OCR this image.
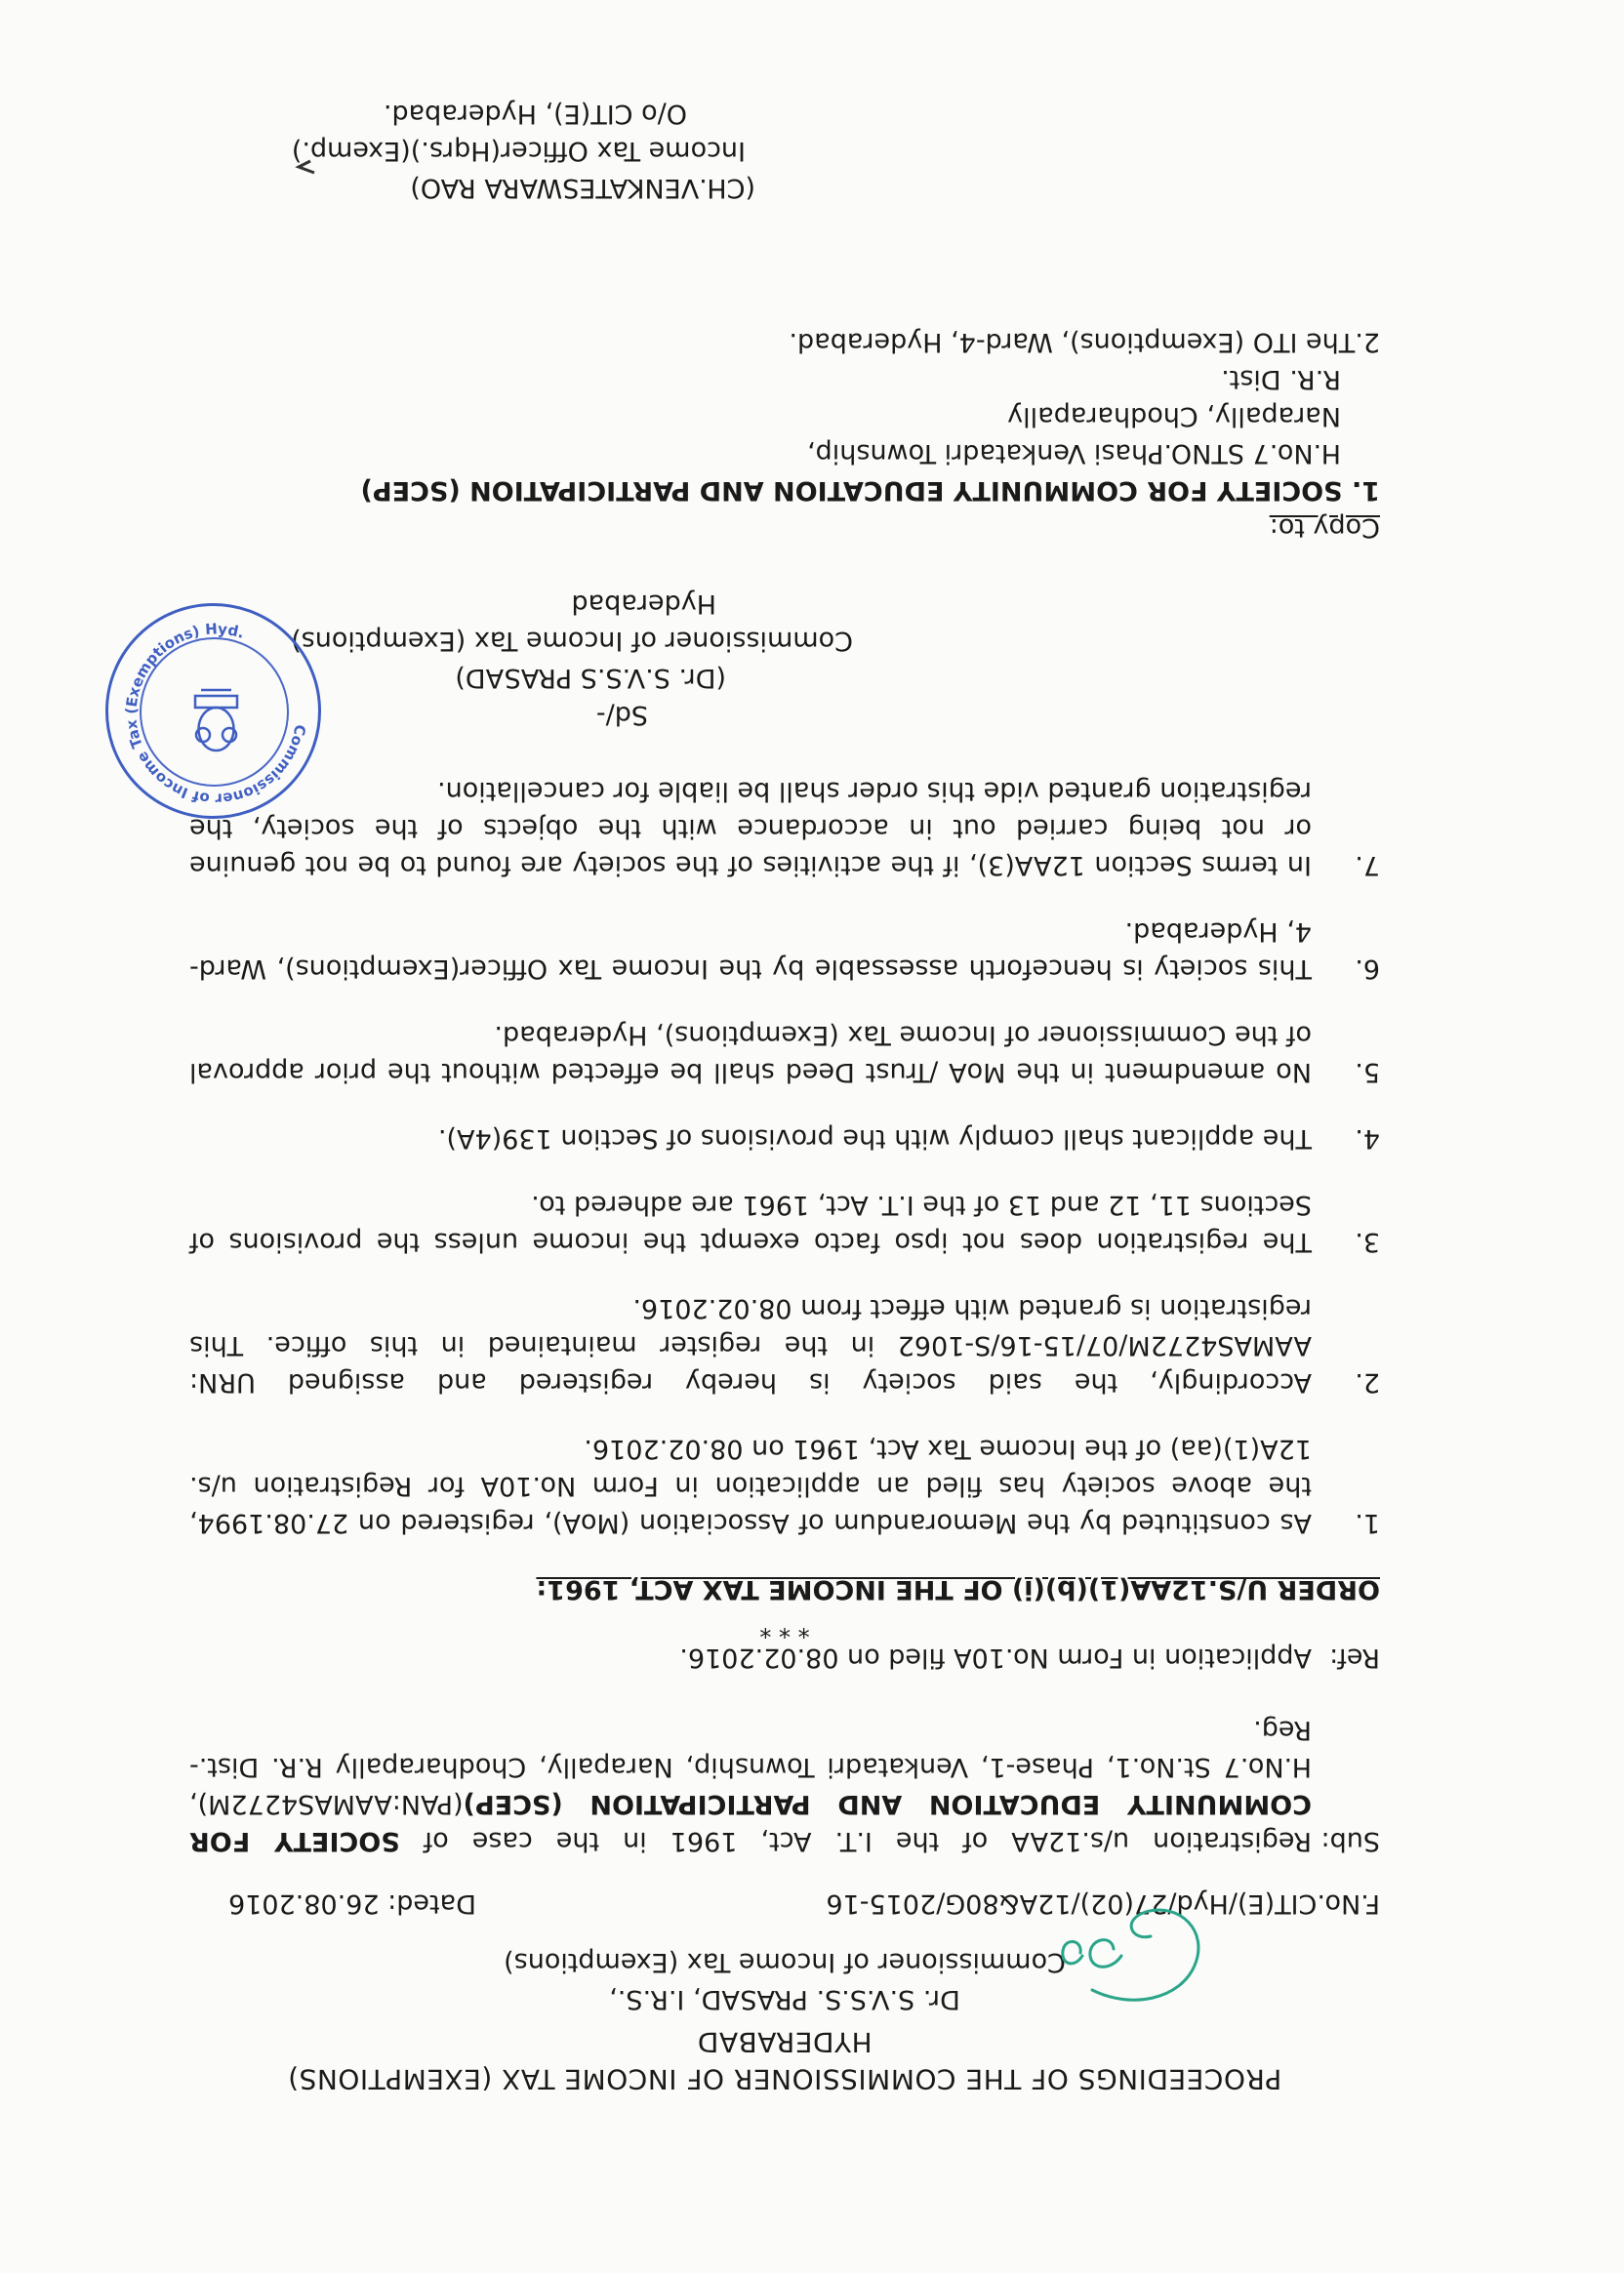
PROCEEDINGS OF THE COMMISSIONER OF INCOME TAX (EXEMPTIONS)
HYDERABAD
Dr. S.V.S.S. PRASAD, I.R.S.,
Commissioner of Income Tax (Exemptions)
F.No.CIT(E)/Hyd/27(02)/12A&80G/2015-16
Dated: 26.08.2016
Sub:
Registration u/s.12AA of the I.T. Act, 1961 in the case of SOCIETY FOR COMMUNITY EDUCATION AND PARTICIPATION (SCEP)(PAN:AAMAS4272M), H.No.7 St.No.1, Phase-1, Venkatadri Township, Narapally, Chodharapally R.R. Dist.- Reg.
Ref:
Application in Form No.10A filed on 08.02.2016.
* * *
ORDER U/S.12AA(1)(b)(i) OF THE INCOME TAX ACT, 1961:
1.
As constituted by the Memorandum of Association (MoA), registered on 27.08.1994, the above society has filed an application in Form No.10A for Registration u/s. 12A(1)(aa) of the Income Tax Act, 1961 on 08.02.2016.
2.
Accordingly, the said society is hereby registered and assigned URN: AAMAS4272M/07/15-16/S-1062 in the register maintained in this office. This registration is granted with effect from 08.02.2016.
3.
The registration does not ipso facto exempt the income unless the provisions of Sections 11, 12 and 13 of the I.T. Act, 1961 are adhered to.
4.
The applicant shall comply with the provisions of Section 139(4A).
5.
No amendment in the MoA /Trust Deed shall be effected without the prior approval of the Commissioner of Income Tax (Exemptions), Hyderabad.
6.
This society is henceforth assessable by the Income Tax Officer(Exemptions), Ward-4, Hyderabad.
7.
In terms Section 12AA(3), if the activities of the society are found to be not genuine or not being carried out in accordance with the objects of the society, the registration granted vide this order shall be liable for cancellation.
Sd/-
(Dr. S.V.S.S PRASAD)
Commissioner of Income Tax (Exemptions)
Hyderabad
Copy to:
1. SOCIETY FOR COMMUNITY EDUCATION AND PARTICIPATION (SCEP)
H.No.7 STNO.Phasi Venkatadri Township,
Narapally, Chodharapally
R.R. Dist.
2.The ITO (Exemptions), Ward-4, Hyderabad.
(CH.VENKATESWARA RAO)
Income Tax Officer(Hqrs.)(Exemp.)
O/o CIT(E), Hyderabad.
Commissioner of Income Tax (Exemptions) Hyd.
